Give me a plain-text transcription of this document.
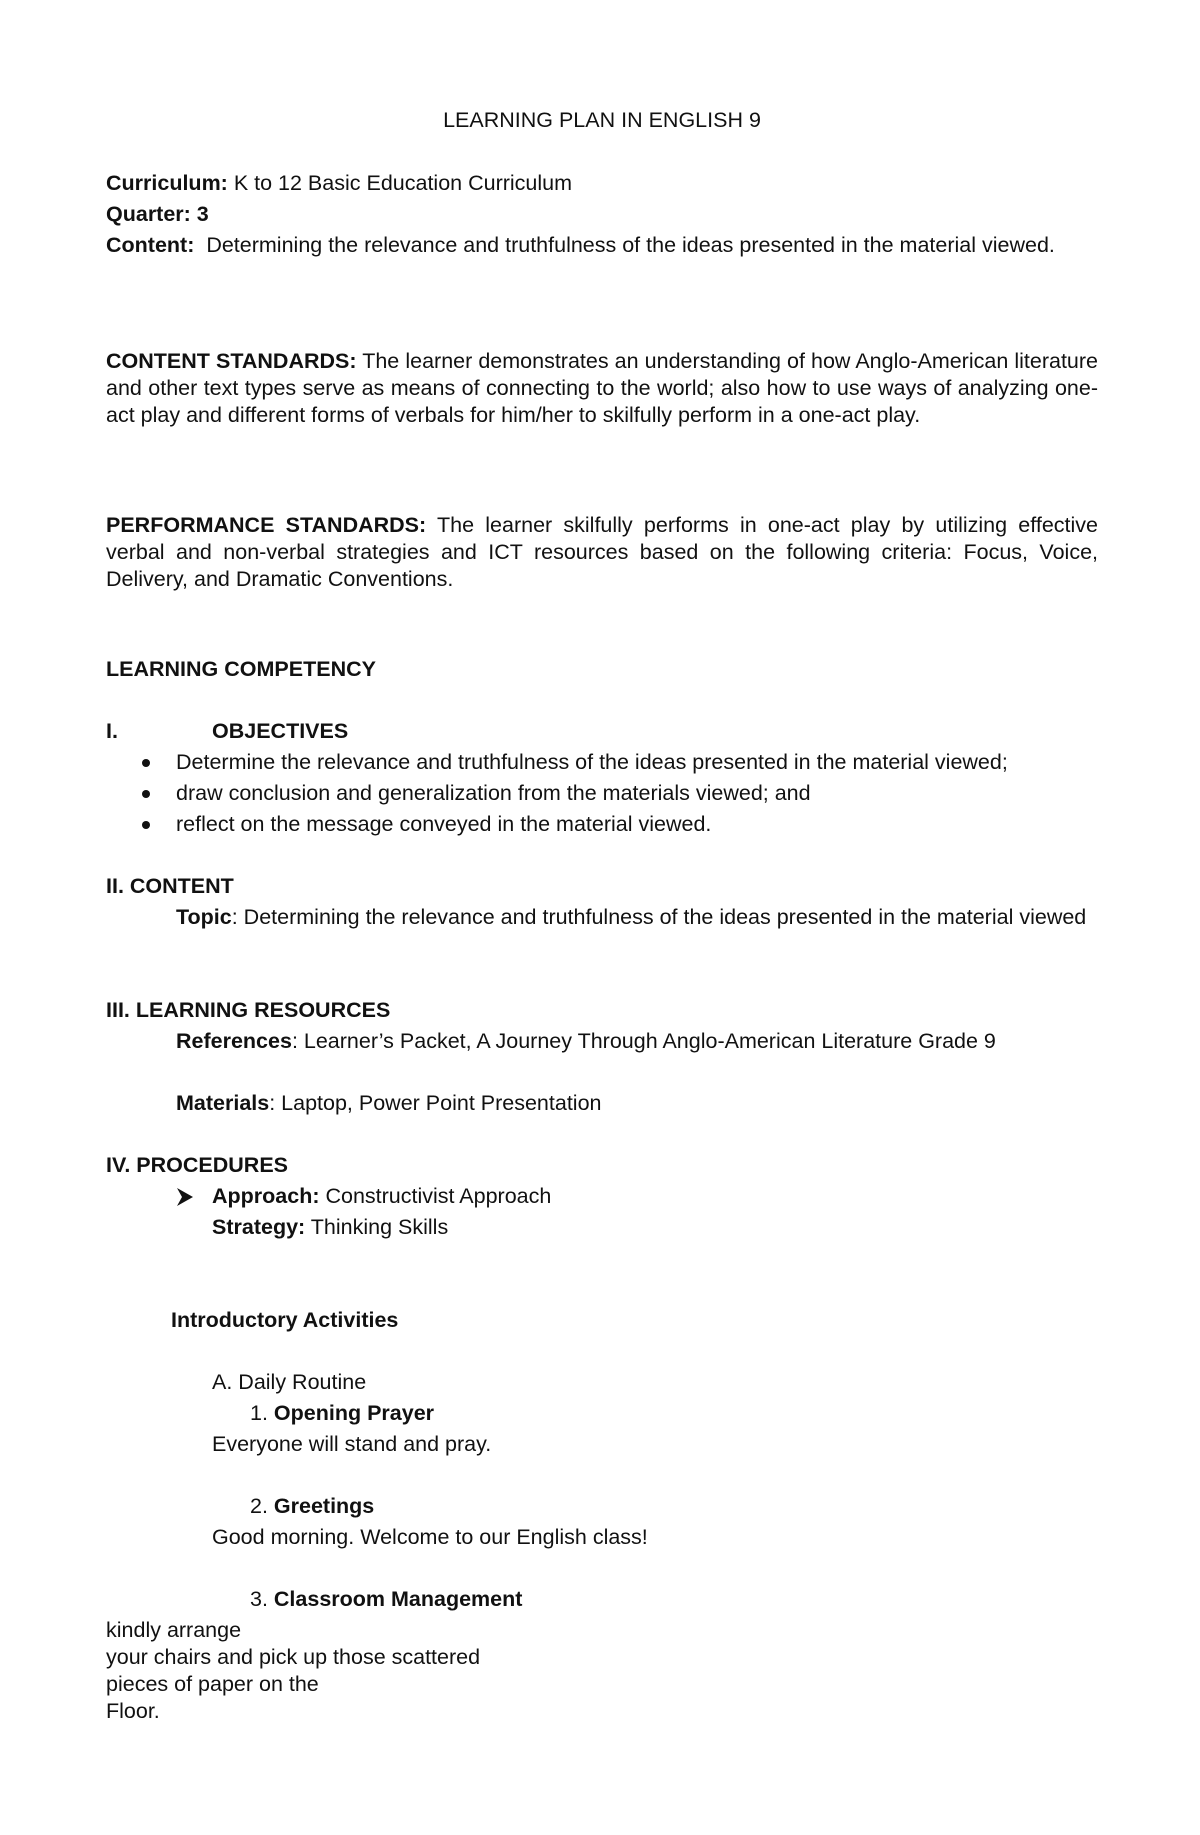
LEARNING PLAN IN ENGLISH 9
Curriculum: K to 12 Basic Education Curriculum
Quarter: 3
Content: Determining the relevance and truthfulness of the ideas presented in the material viewed.
CONTENT STANDARDS: The learner demonstrates an understanding of how Anglo-American literature and other text types serve as means of connecting to the world; also how to use ways of analyzing one-act play and different forms of verbals for him/her to skilfully perform in a one-act play.
PERFORMANCE STANDARDS: The learner skilfully performs in one-act play by utilizing effective verbal and non-verbal strategies and ICT resources based on the following criteria: Focus, Voice, Delivery, and Dramatic Conventions.
LEARNING COMPETENCY
I.	OBJECTIVES
Determine the relevance and truthfulness of the ideas presented in the material viewed;
draw conclusion and generalization from the materials viewed; and
reflect on the message conveyed in the material viewed.
II. CONTENT
Topic: Determining the relevance and truthfulness of the ideas presented in the material viewed
III. LEARNING RESOURCES
References: Learner’s Packet, A Journey Through Anglo-American Literature Grade 9
Materials: Laptop, Power Point Presentation
IV. PROCEDURES
Approach: Constructivist Approach
Strategy: Thinking Skills
Introductory Activities
A. Daily Routine
1. Opening Prayer
Everyone will stand and pray.
2. Greetings
Good morning. Welcome to our English class!
3. Classroom Management
kindly arrange
your chairs and pick up those scattered
pieces of paper on the
Floor.
